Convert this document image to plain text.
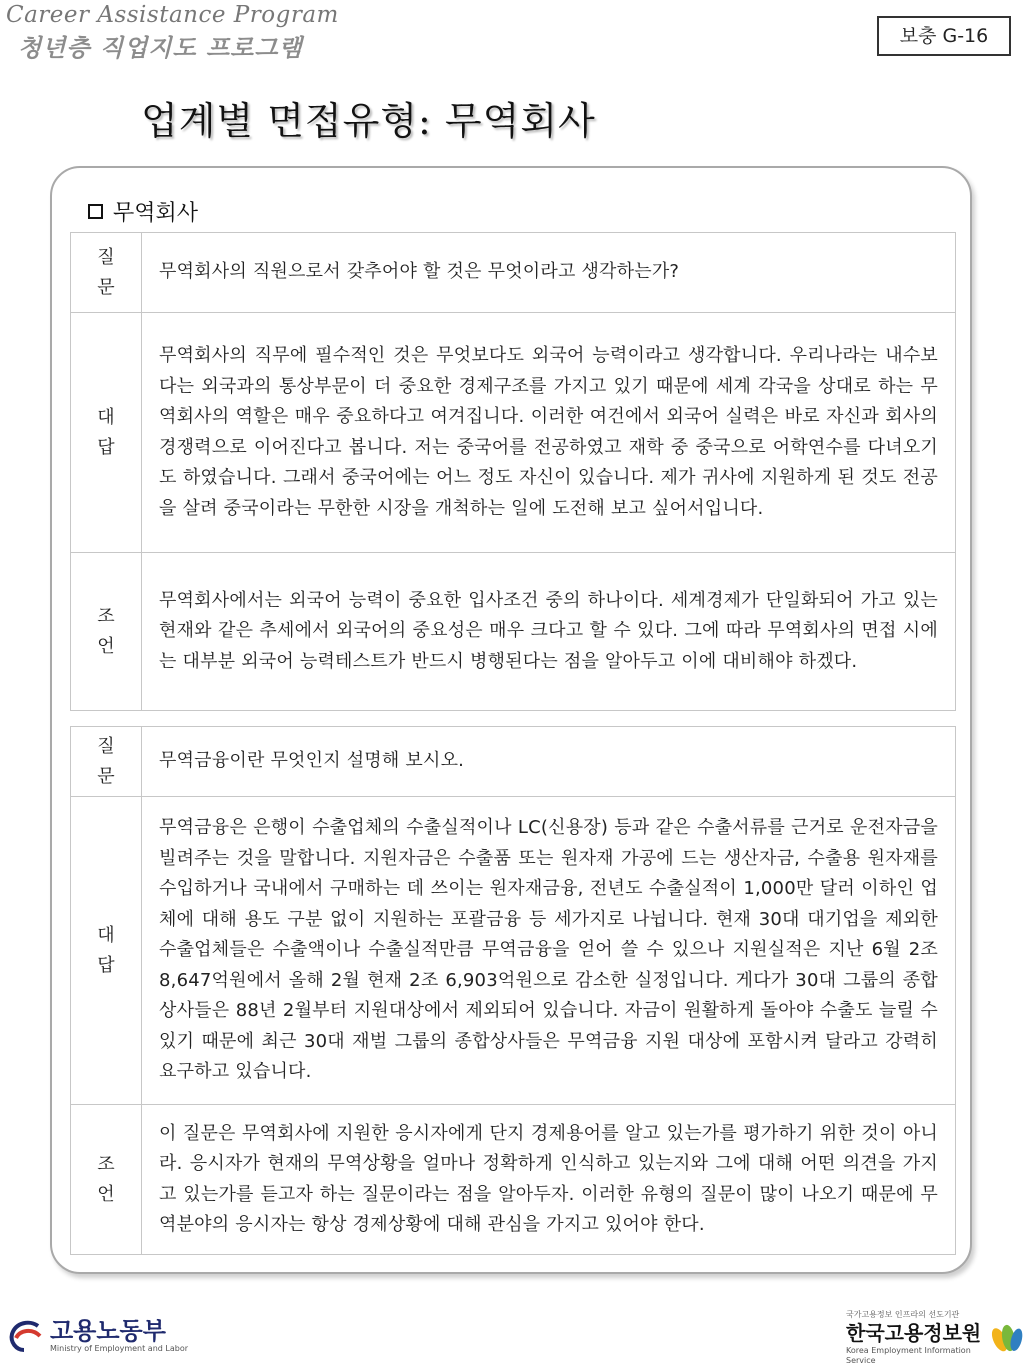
Career Assistance Program
청년층 직업지도 프로그램	보충 G-16
업계별 면접유형: 무역회사
무역회사
질
문	무역회사의 직원으로서 갖추어야 할 것은 무엇이라고 생각하는가?

대
답	무역회사의 직무에 필수적인 것은 무엇보다도 외국어 능력이라고 생각합니다. 우리나라는 내수보다는 외국과의 통상부문이 더 중요한 경제구조를 가지고 있기 때문에 세계 각국을 상대로 하는 무역회사의 역할은 매우 중요하다고 여겨집니다. 이러한 여건에서 외국어 실력은 바로 자신과 회사의 경쟁력으로 이어진다고 봅니다. 저는 중국어를 전공하였고 재학 중 중국으로 어학연수를 다녀오기도 하였습니다. 그래서 중국어에는 어느 정도 자신이 있습니다. 제가 귀사에 지원하게 된 것도 전공을 살려 중국이라는 무한한 시장을 개척하는 일에 도전해 보고 싶어서입니다.

조
언	무역회사에서는 외국어 능력이 중요한 입사조건 중의 하나이다. 세계경제가 단일화되어 가고 있는 현재와 같은 추세에서 외국어의 중요성은 매우 크다고 할 수 있다. 그에 따라 무역회사의 면접 시에는 대부분 외국어 능력테스트가 반드시 병행된다는 점을 알아두고 이에 대비해야 하겠다.
질
문	무역금융이란 무엇인지 설명해 보시오.

대
답	무역금융은 은행이 수출업체의 수출실적이나 LC(신용장) 등과 같은 수출서류를 근거로 운전자금을 빌려주는 것을 말합니다. 지원자금은 수출품 또는 원자재 가공에 드는 생산자금, 수출용 원자재를 수입하거나 국내에서 구매하는 데 쓰이는 원자재금융, 전년도 수출실적이 1,000만 달러 이하인 업체에 대해 용도 구분 없이 지원하는 포괄금융 등 세가지로 나뉩니다. 현재 30대 대기업을 제외한 수출업체들은 수출액이나 수출실적만큼 무역금융을 얻어 쓸 수 있으나 지원실적은 지난 6월 2조 8,647억원에서 올해 2월 현재 2조 6,903억원으로 감소한 실정입니다. 게다가 30대 그룹의 종합상사들은 88년 2월부터 지원대상에서 제외되어 있습니다. 자금이 원활하게 돌아야 수출도 늘릴 수 있기 때문에 최근 30대 재벌 그룹의 종합상사들은 무역금융 지원 대상에 포함시켜 달라고 강력히 요구하고 있습니다.

조
언	이 질문은 무역회사에 지원한 응시자에게 단지 경제용어를 알고 있는가를 평가하기 위한 것이 아니라. 응시자가 현재의 무역상황을 얼마나 정확하게 인식하고 있는지와 그에 대해 어떤 의견을 가지고 있는가를 듣고자 하는 질문이라는 점을 알아두자. 이러한 유형의 질문이 많이 나오기 때문에 무역분야의 응시자는 항상 경제상황에 대해 관심을 가지고 있어야 한다.
고용노동부
Ministry of Employment and Labor
국가고용정보 인프라의 선도기관
한국고용정보원
Korea Employment Information Service
